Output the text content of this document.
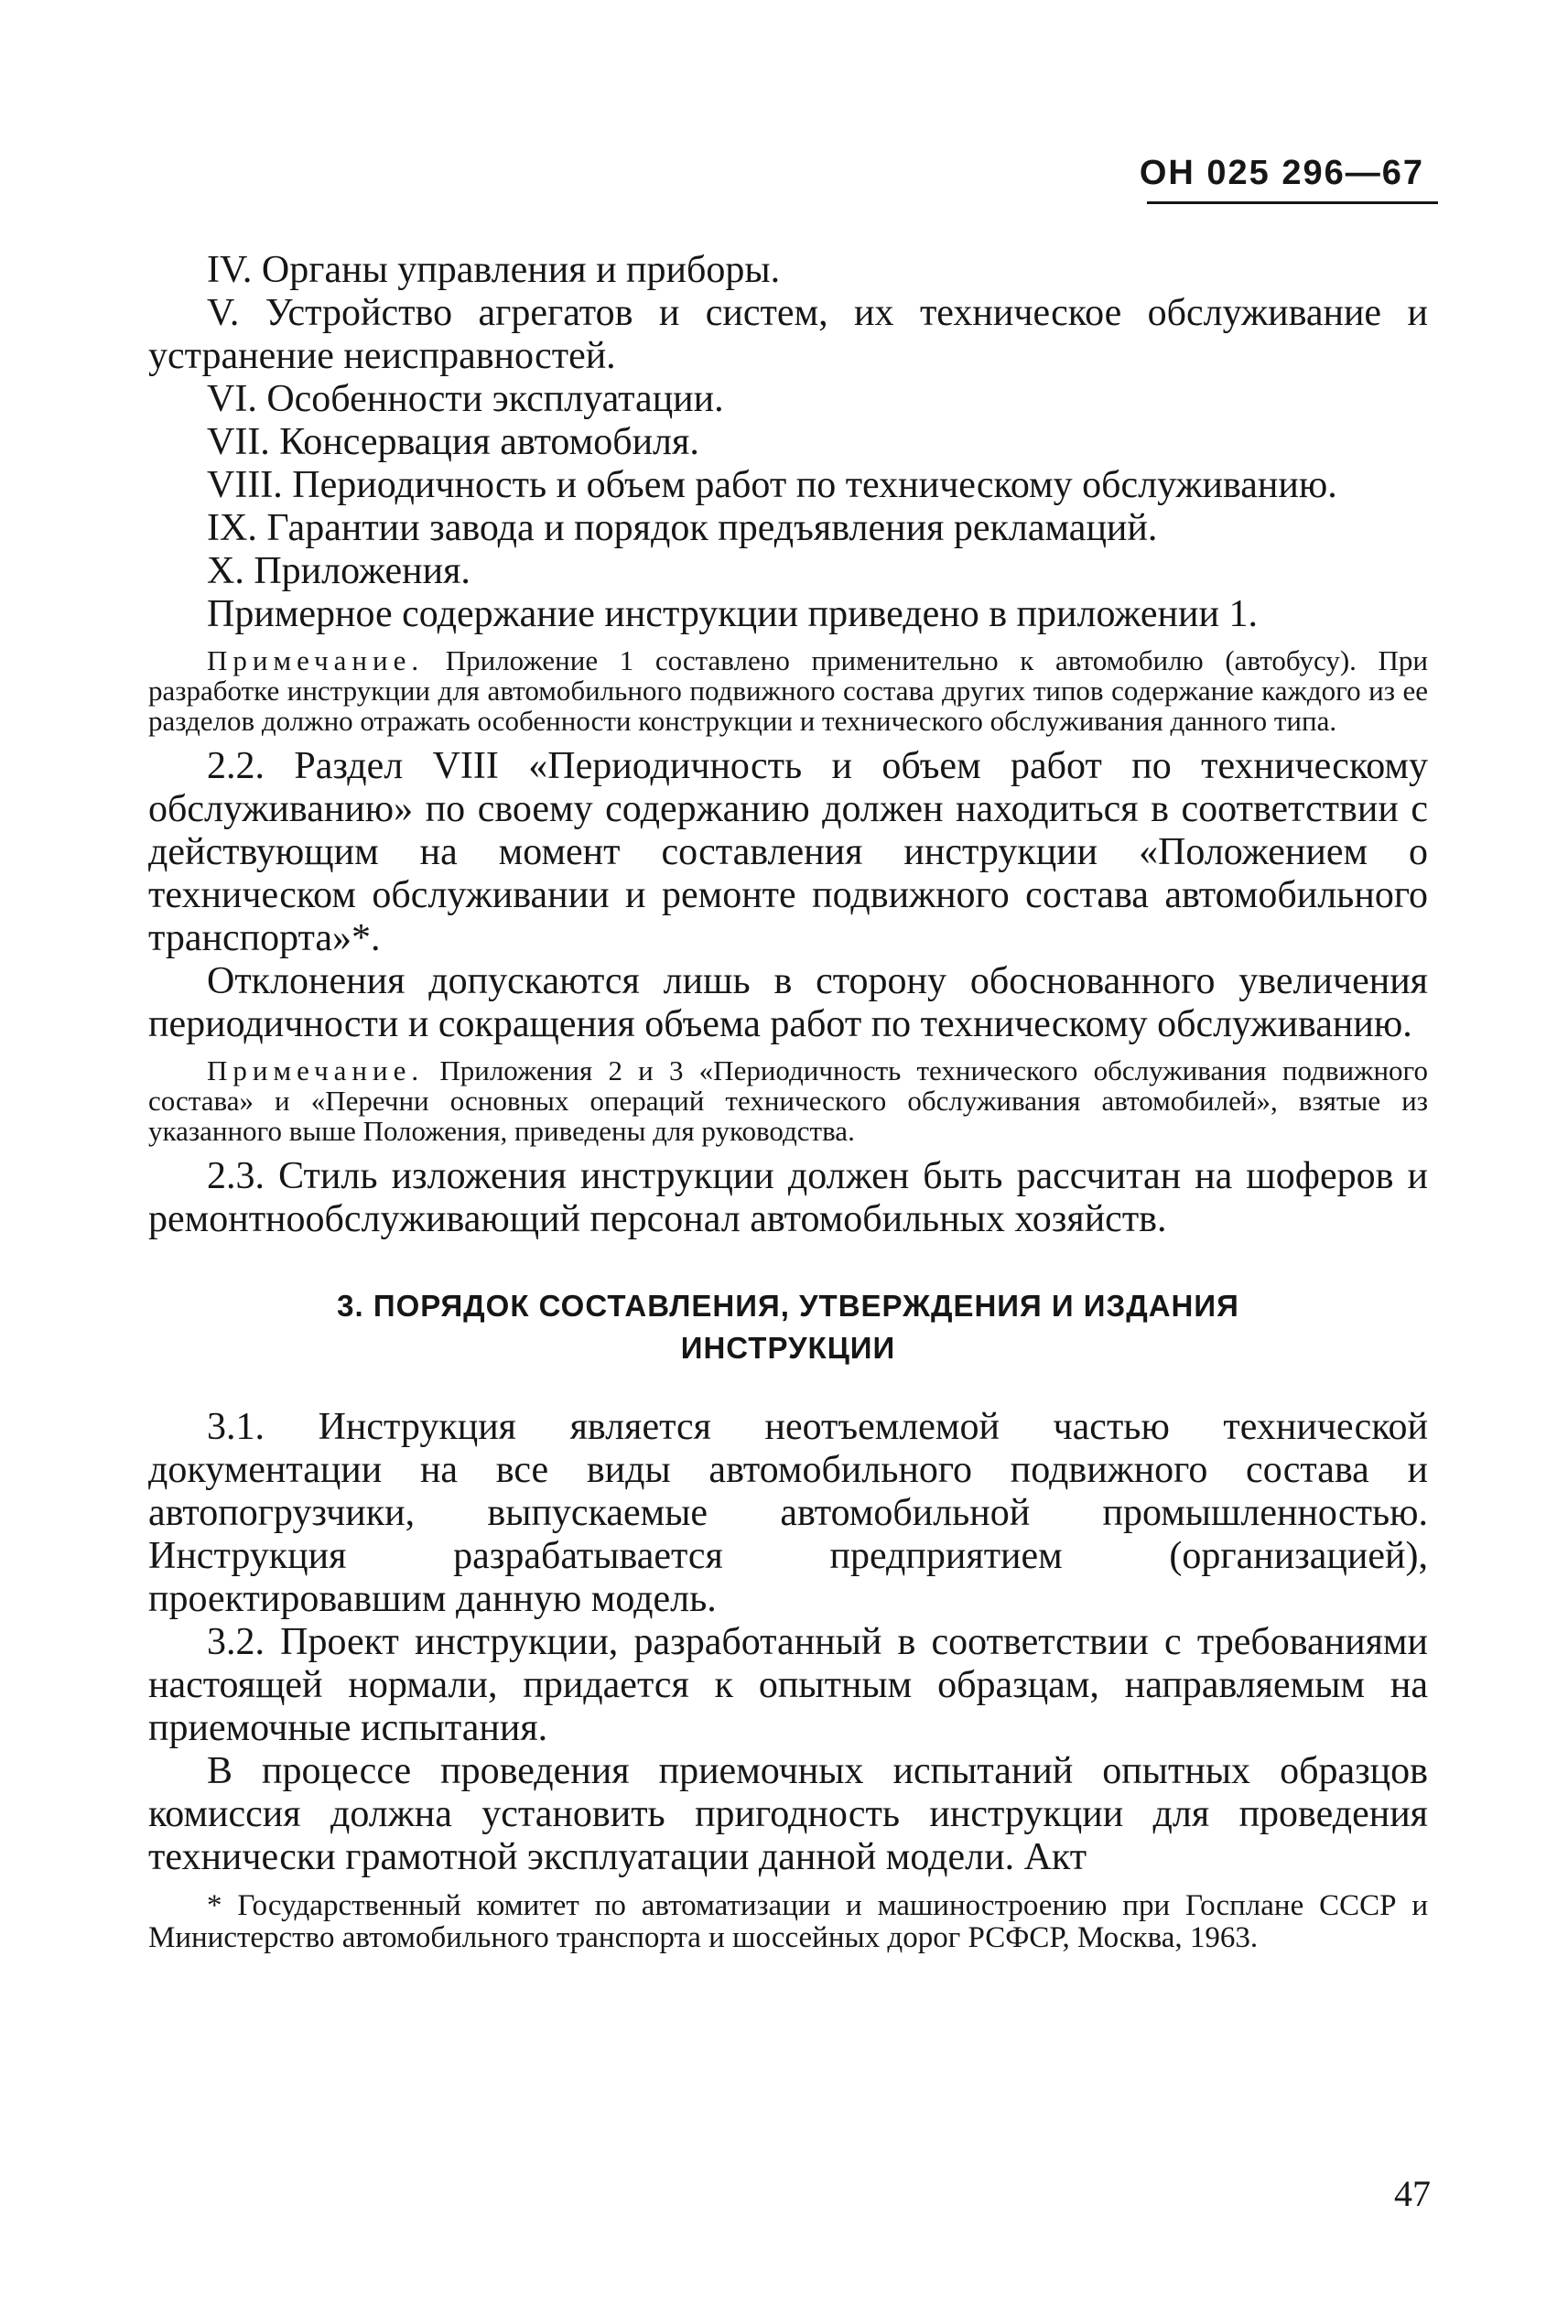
ОН 025 296—67

IV. Органы управления и приборы.

V. Устройство агрегатов и систем, их техническое обслуживание и устранение неисправностей.

VI. Особенности эксплуатации.

VII. Консервация автомобиля.

VIII. Периодичность и объем работ по техническому обслуживанию.

IX. Гарантии завода и порядок предъявления рекламаций.

X. Приложения.

Примерное содержание инструкции приведено в приложении 1.

Примечание. Приложение 1 составлено применительно к автомобилю (автобусу). При разработке инструкции для автомобильного подвижного состава других типов содержание каждого из ее разделов должно отражать особенности конструкции и технического обслуживания данного типа.

2.2. Раздел VIII «Периодичность и объем работ по техническому обслуживанию» по своему содержанию должен находиться в соответствии с действующим на момент составления инструкции «Положением о техническом обслуживании и ремонте подвижного состава автомобильного транспорта»*.

Отклонения допускаются лишь в сторону обоснованного увеличения периодичности и сокращения объема работ по техническому обслуживанию.

Примечание. Приложения 2 и 3 «Периодичность технического обслуживания подвижного состава» и «Перечни основных операций технического обслуживания автомобилей», взятые из указанного выше Положения, приведены для руководства.

2.3. Стиль изложения инструкции должен быть рассчитан на шоферов и ремонтнообслуживающий персонал автомобильных хозяйств.

3. ПОРЯДОК СОСТАВЛЕНИЯ, УТВЕРЖДЕНИЯ И ИЗДАНИЯ
ИНСТРУКЦИИ

3.1. Инструкция является неотъемлемой частью технической документации на все виды автомобильного подвижного состава и автопогрузчики, выпускаемые автомобильной промышленностью. Инструкция разрабатывается предприятием (организацией), проектировавшим данную модель.

3.2. Проект инструкции, разработанный в соответствии с требованиями настоящей нормали, придается к опытным образцам, направляемым на приемочные испытания.

В процессе проведения приемочных испытаний опытных образцов комиссия должна установить пригодность инструкции для проведения технически грамотной эксплуатации данной модели. Акт

* Государственный комитет по автоматизации и машиностроению при Госплане СССР и Министерство автомобильного транспорта и шоссейных дорог РСФСР, Москва, 1963.

47
